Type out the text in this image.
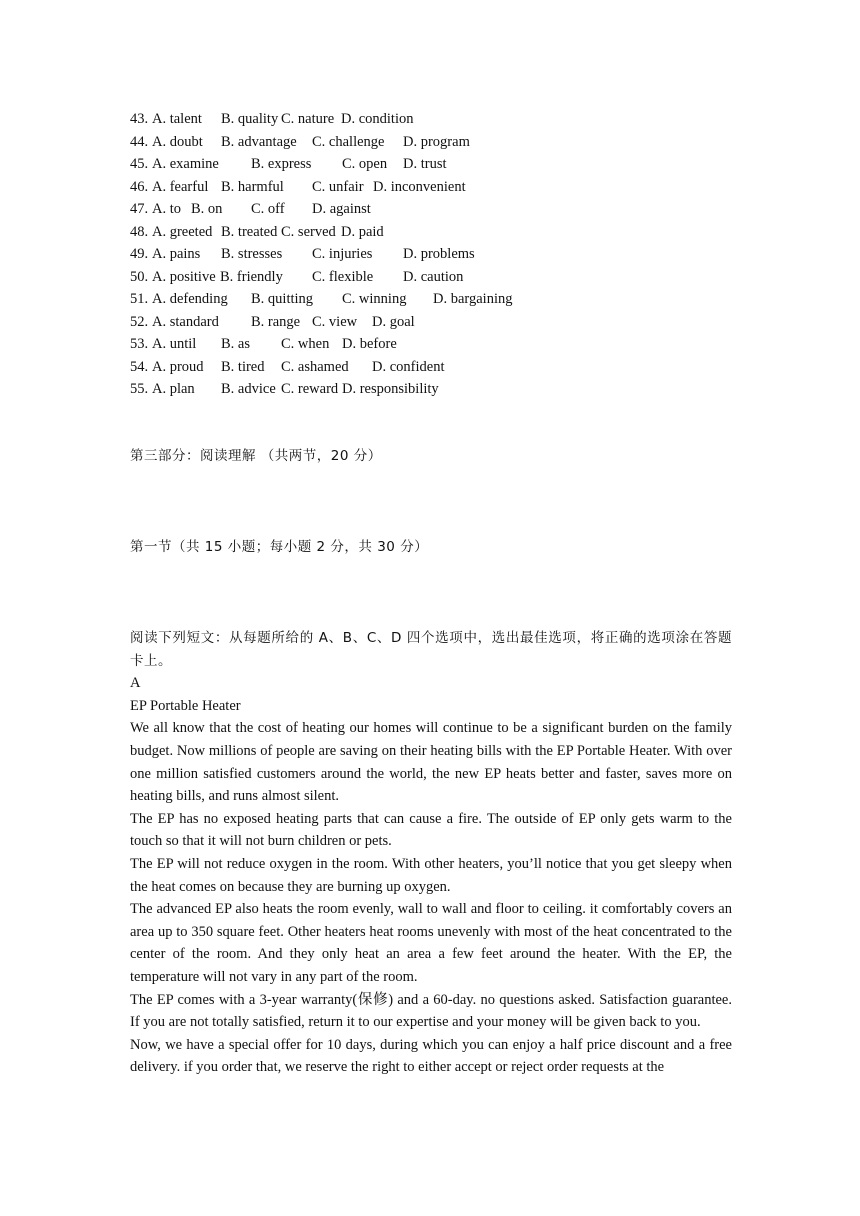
43. A. talent B. quality C. nature D. condition
44. A. doubt B. advantage C. challenge D. program
45. A. examine B. express C. open D. trust
46. A. fearful B. harmful C. unfair D. inconvenient
47. A. to B. on C. off D. against
48. A. greeted B. treated C. served D. paid
49. A. pains B. stresses C. injuries D. problems
50. A. positive B. friendly C. flexible D. caution
51. A. defending B. quitting C. winning D. bargaining
52. A. standard B. range C. view D. goal
53. A. until B. as C. when D. before
54. A. proud B. tired C. ashamed D. confident
55. A. plan B. advice C. reward D. responsibility
第三部分：阅读理解 （共两节，20 分）
第一节（共 15 小题；每小题 2 分，共 30 分）

阅读下列短文：从每题所给的 A、B、C、D 四个选项中，选出最佳选项，将正确的选项涂在答题卡上。

A

EP Portable Heater

We all know that the cost of heating our homes will continue to be a significant burden on the family budget. Now millions of people are saving on their heating bills with the EP Portable Heater. With over one million satisfied customers around the world, the new EP heats better and faster, saves more on heating bills, and runs almost silent.

The EP has no exposed heating parts that can cause a fire. The outside of EP only gets warm to the touch so that it will not burn children or pets.

The EP will not reduce oxygen in the room. With other heaters, you’ll notice that you get sleepy when the heat comes on because they are burning up oxygen.

The advanced EP also heats the room evenly, wall to wall and floor to ceiling. it comfortably covers an area up to 350 square feet. Other heaters heat rooms unevenly with most of the heat concentrated to the center of the room. And they only heat an area a few feet around the heater. With the EP, the temperature will not vary in any part of the room.

The EP comes with a 3-year warranty(保修) and a 60-day. no questions asked. Satisfaction guarantee. If you are not totally satisfied, return it to our expertise and your money will be given back to you.

Now, we have a special offer for 10 days, during which you can enjoy a half price discount and a free delivery. if you order that, we reserve the right to either accept or reject order requests at the
